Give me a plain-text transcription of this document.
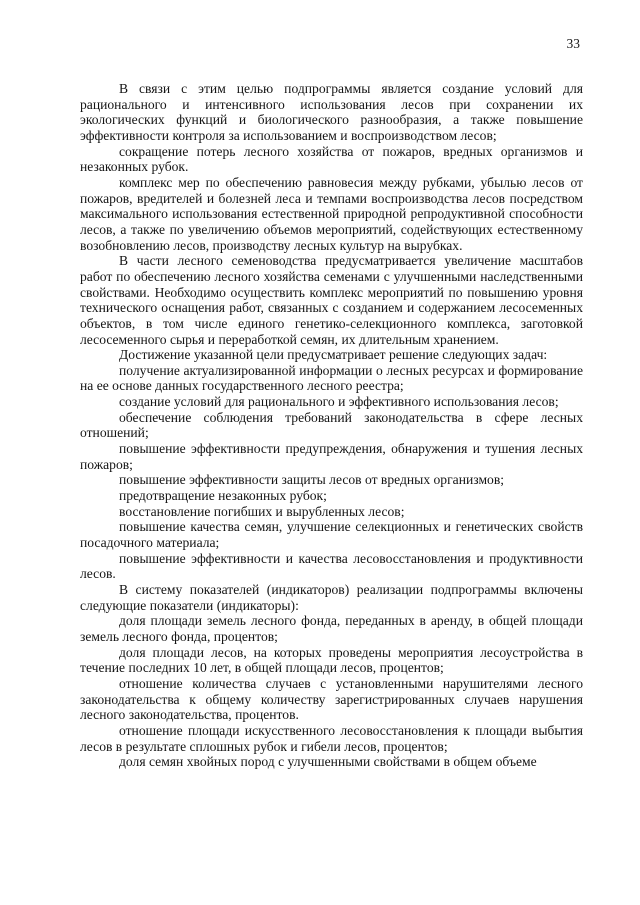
33

В связи с этим целью подпрограммы является создание условий для рационального и интенсивного использования лесов при сохранении их экологических функций и биологического разнообразия, а также повышение эффективности контроля за использованием и воспроизводством лесов;

сокращение потерь лесного хозяйства от пожаров, вредных организмов и незаконных рубок.

комплекс мер по обеспечению равновесия между рубками, убылью лесов от пожаров, вредителей и болезней леса и темпами воспроизводства лесов посредством максимального использования естественной природной репродуктивной способности лесов, а также по увеличению объемов мероприятий, содействующих естественному возобновлению лесов, производству лесных культур на вырубках.

В части лесного семеноводства предусматривается увеличение масштабов работ по обеспечению лесного хозяйства семенами с улучшенными наследственными свойствами. Необходимо осуществить комплекс мероприятий по повышению уровня технического оснащения работ, связанных с созданием и содержанием лесосеменных объектов, в том числе единого генетико-селекционного комплекса, заготовкой лесосеменного сырья и переработкой семян, их длительным хранением.

Достижение указанной цели предусматривает решение следующих задач:

получение актуализированной информации о лесных ресурсах и формирование на ее основе данных государственного лесного реестра;

создание условий для рационального и эффективного использования лесов;

обеспечение соблюдения требований законодательства в сфере лесных отношений;

повышение эффективности предупреждения, обнаружения и тушения лесных пожаров;

повышение эффективности защиты лесов от вредных организмов;

предотвращение незаконных рубок;

восстановление погибших и вырубленных лесов;

повышение качества семян, улучшение селекционных и генетических свойств посадочного материала;

повышение эффективности и качества лесовосстановления и продуктивности лесов.

В систему показателей (индикаторов) реализации подпрограммы включены следующие показатели (индикаторы):

доля площади земель лесного фонда, переданных в аренду, в общей площади земель лесного фонда, процентов;

доля площади лесов, на которых проведены мероприятия лесоустройства в течение последних 10 лет, в общей площади лесов, процентов;

отношение количества случаев с установленными нарушителями лесного законодательства к общему количеству зарегистрированных случаев нарушения лесного законодательства, процентов.

отношение площади искусственного лесовосстановления к площади выбытия лесов в результате сплошных рубок и гибели лесов, процентов;

доля семян хвойных пород с улучшенными свойствами в общем объеме
